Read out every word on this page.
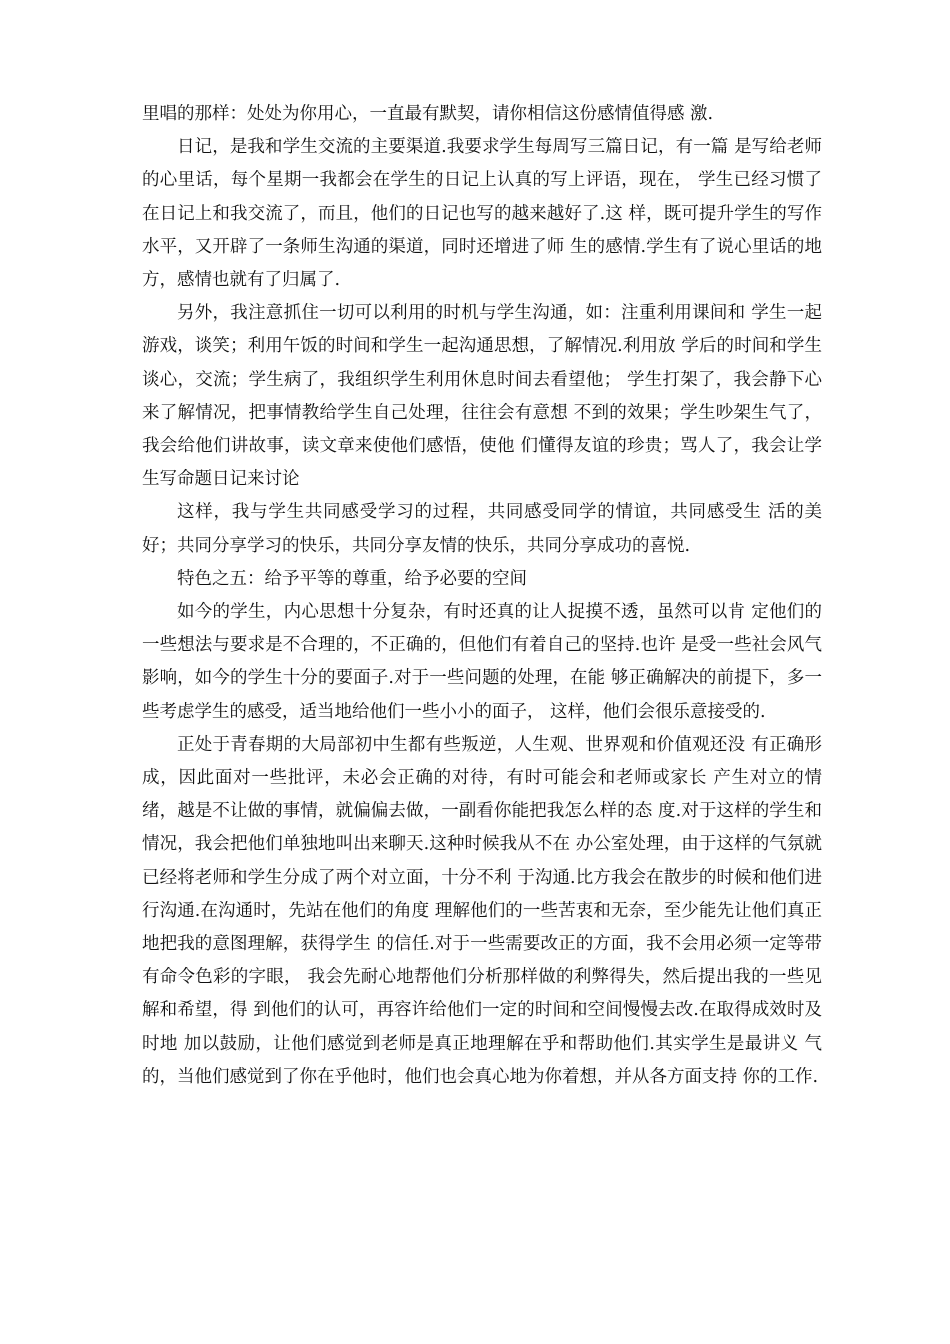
里唱的那样：处处为你用心，一直最有默契，请你相信这份感情值得感 激.

日记，是我和学生交流的主要渠道.我要求学生每周写三篇日记，有一篇 是写给老师的心里话，每个星期一我都会在学生的日记上认真的写上评语，现在， 学生已经习惯了在日记上和我交流了，而且，他们的日记也写的越来越好了.这 样，既可提升学生的写作水平，又开辟了一条师生沟通的渠道，同时还增进了师 生的感情.学生有了说心里话的地方，感情也就有了归属了.

另外，我注意抓住一切可以利用的时机与学生沟通，如：注重利用课间和 学生一起游戏，谈笑；利用午饭的时间和学生一起沟通思想，了解情况.利用放 学后的时间和学生谈心，交流；学生病了，我组织学生利用休息时间去看望他； 学生打架了，我会静下心来了解情况，把事情教给学生自己处理，往往会有意想 不到的效果；学生吵架生气了，我会给他们讲故事，读文章来使他们感悟，使他 们懂得友谊的珍贵；骂人了，我会让学生写命题日记来讨论

这样，我与学生共同感受学习的过程，共同感受同学的情谊，共同感受生 活的美好；共同分享学习的快乐，共同分享友情的快乐，共同分享成功的喜悦.

特色之五：给予平等的尊重，给予必要的空间

如今的学生，内心思想十分复杂，有时还真的让人捉摸不透，虽然可以肯 定他们的一些想法与要求是不合理的，不正确的，但他们有着自己的坚持.也许 是受一些社会风气影响，如今的学生十分的要面子.对于一些问题的处理，在能 够正确解决的前提下，多一些考虑学生的感受，适当地给他们一些小小的面子， 这样，他们会很乐意接受的.

正处于青春期的大局部初中生都有些叛逆，人生观、世界观和价值观还没 有正确形成，因此面对一些批评，未必会正确的对待，有时可能会和老师或家长 产生对立的情绪，越是不让做的事情，就偏偏去做，一副看你能把我怎么样的态 度.对于这样的学生和情况，我会把他们单独地叫出来聊天.这种时候我从不在 办公室处理，由于这样的气氛就已经将老师和学生分成了两个对立面，十分不利 于沟通.比方我会在散步的时候和他们进行沟通.在沟通时，先站在他们的角度 理解他们的一些苦衷和无奈，至少能先让他们真正地把我的意图理解，获得学生 的信任.对于一些需要改正的方面，我不会用必须一定等带有命令色彩的字眼， 我会先耐心地帮他们分析那样做的利弊得失，然后提出我的一些见解和希望，得 到他们的认可，再容许给他们一定的时间和空间慢慢去改.在取得成效时及时地 加以鼓励，让他们感觉到老师是真正地理解在乎和帮助他们.其实学生是最讲义 气的，当他们感觉到了你在乎他时，他们也会真心地为你着想，并从各方面支持 你的工作.
